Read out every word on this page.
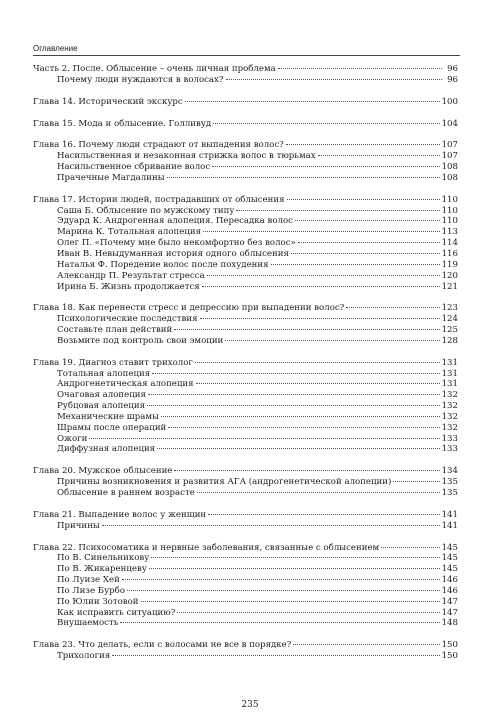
Оглавление
Часть 2. После. Облысение – очень личная проблема	96
Почему люди нуждаются в волосах?	96
Глава 14. Исторический экскурс	100
Глава 15. Мода и облысение. Голливуд	104
Глава 16. Почему люди страдают от выпадения волос?	107
Насильственная и незаконная стрижка волос в тюрьмах	107
Насильственное сбривание волос	108
Прачечные Магдалины	108
Глава 17. Истории людей, пострадавших от облысения	110
Саша Б. Облысение по мужскому типу	110
Эдуард К. Андрогенная алопеция. Пересадка волос	110
Марина К. Тотальная алопеция	113
Олег П. «Почему мне было некомфортно без волос»	114
Иван В. Невыдуманная история одного облысения	116
Наталья Ф. Поредение волос после похудения	119
Александр П. Результат стресса	120
Ирина Б. Жизнь продолжается	121
Глава 18. Как перенести стресс и депрессию при выпадении волос?	123
Психологические последствия	124
Составьте план действий	125
Возьмите под контроль свои эмоции	128
Глава 19. Диагноз ставит трихолог	131
Тотальная алопеция	131
Андрогенетическая алопеция	131
Очаговая алопеция	132
Рубцовая алопеция	132
Механические шрамы	132
Шрамы после операций	132
Ожоги	133
Диффузная алопеция	133
Глава 20. Мужское облысение	134
Причины возникновения и развития АГА (андрогенетической алопеции)	135
Облысение в раннем возрасте	135
Глава 21. Выпадение волос у женщин	141
Причины	141
Глава 22. Психосоматика и нервные заболевания, связанные с облысением	145
По В. Синельникову	145
По В. Жикаренцеву	145
По Луизе Хей	146
По Лизе Бурбо	146
По Юлии Зотовой	147
Как исправить ситуацию?	147
Внушаемость	148
Глава 23. Что делать, если с волосами не все в порядке?	150
Трихология	150
235
